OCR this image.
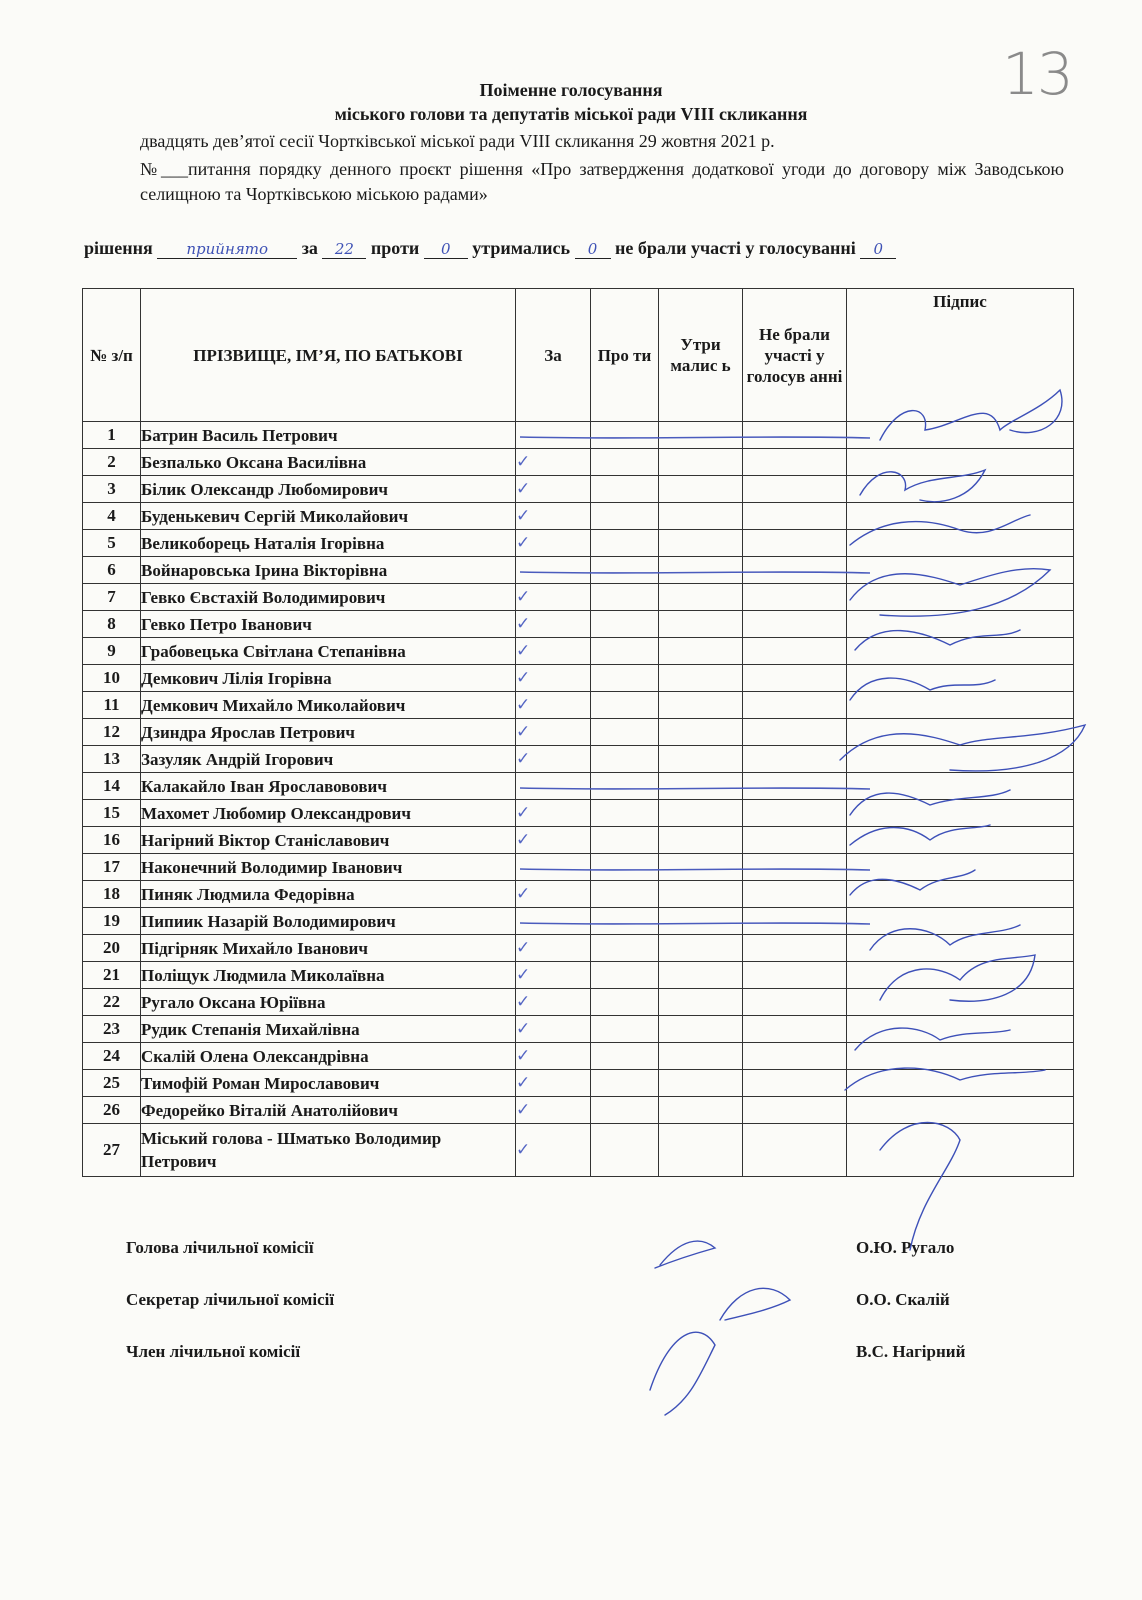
13
Поіменне голосування
міського голови та депутатів міської ради VIII скликання
двадцять дев’ятої сесії Чортківської міської ради VIII скликання 29 жовтня 2021 р.
№___питання порядку денного проєкт рішення «Про затвердження додаткової угоди до договору між Заводською селищною та Чортківською міською радами»
рішення прийнято за 22 проти 0 утримались 0 не брали участі у голосуванні 0
№ з/п	ПРІЗВИЩЕ, ІМ’Я, ПО БАТЬКОВІ	За	Про ти	Утри малис ь	Не брали участі у голосув анні	Підпис
1	Батрин Василь Петрович					
2	Безпалько Оксана Василівна	✓				
3	Білик Олександр Любомирович	✓				
4	Буденькевич Сергій Миколайович	✓				
5	Великоборець Наталія Ігорівна	✓				
6	Войнаровська Ірина Вікторівна					
7	Гевко Євстахій Володимирович	✓				
8	Гевко Петро Іванович	✓				
9	Грабовецька Світлана Степанівна	✓				
10	Демкович Лілія Ігорівна	✓				
11	Демкович Михайло Миколайович	✓				
12	Дзиндра Ярослав Петрович	✓				
13	Зазуляк Андрій Ігорович	✓				
14	Калакайло Іван Ярославовович					
15	Махомет Любомир Олександрович	✓				
16	Нагірний Віктор Станіславович	✓				
17	Наконечний Володимир Іванович					
18	Пиняк Людмила Федорівна	✓				
19	Пипиик Назарій Володимирович					
20	Підгірняк Михайло Іванович	✓				
21	Поліщук Людмила Миколаївна	✓				
22	Ругало Оксана Юріївна	✓				
23	Рудик Степанія Михайлівна	✓				
24	Скалій Олена Олександрівна	✓				
25	Тимофій Роман Мирославович	✓				
26	Федорейко Віталій Анатолійович	✓				
27	Міський голова - Шматько Володимир Петрович	✓				
Голова лічильної комісії	О.Ю. Ругало
Секретар лічильної комісії	О.О. Скалій
Член лічильної комісії	В.С. Нагірний
